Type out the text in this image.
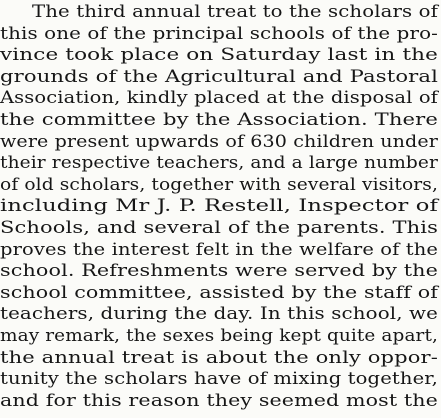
The third annual treat to the scholars of
this one of the principal schools of the pro-
vince took place on Saturday last in the
grounds of the Agricultural and Pastoral
Association, kindly placed at the disposal of
the committee by the Association. There
were present upwards of 630 children under
their respective teachers, and a large number
of old scholars, together with several visitors,
including Mr J. P. Restell, Inspector of
Schools, and several of the parents. This
proves the interest felt in the welfare of the
school. Refreshments were served by the
school committee, assisted by the staff of
teachers, during the day. In this school, we
may remark, the sexes being kept quite apart,
the annual treat is about the only oppor-
tunity the scholars have of mixing together,
and for this reason they seemed most the
